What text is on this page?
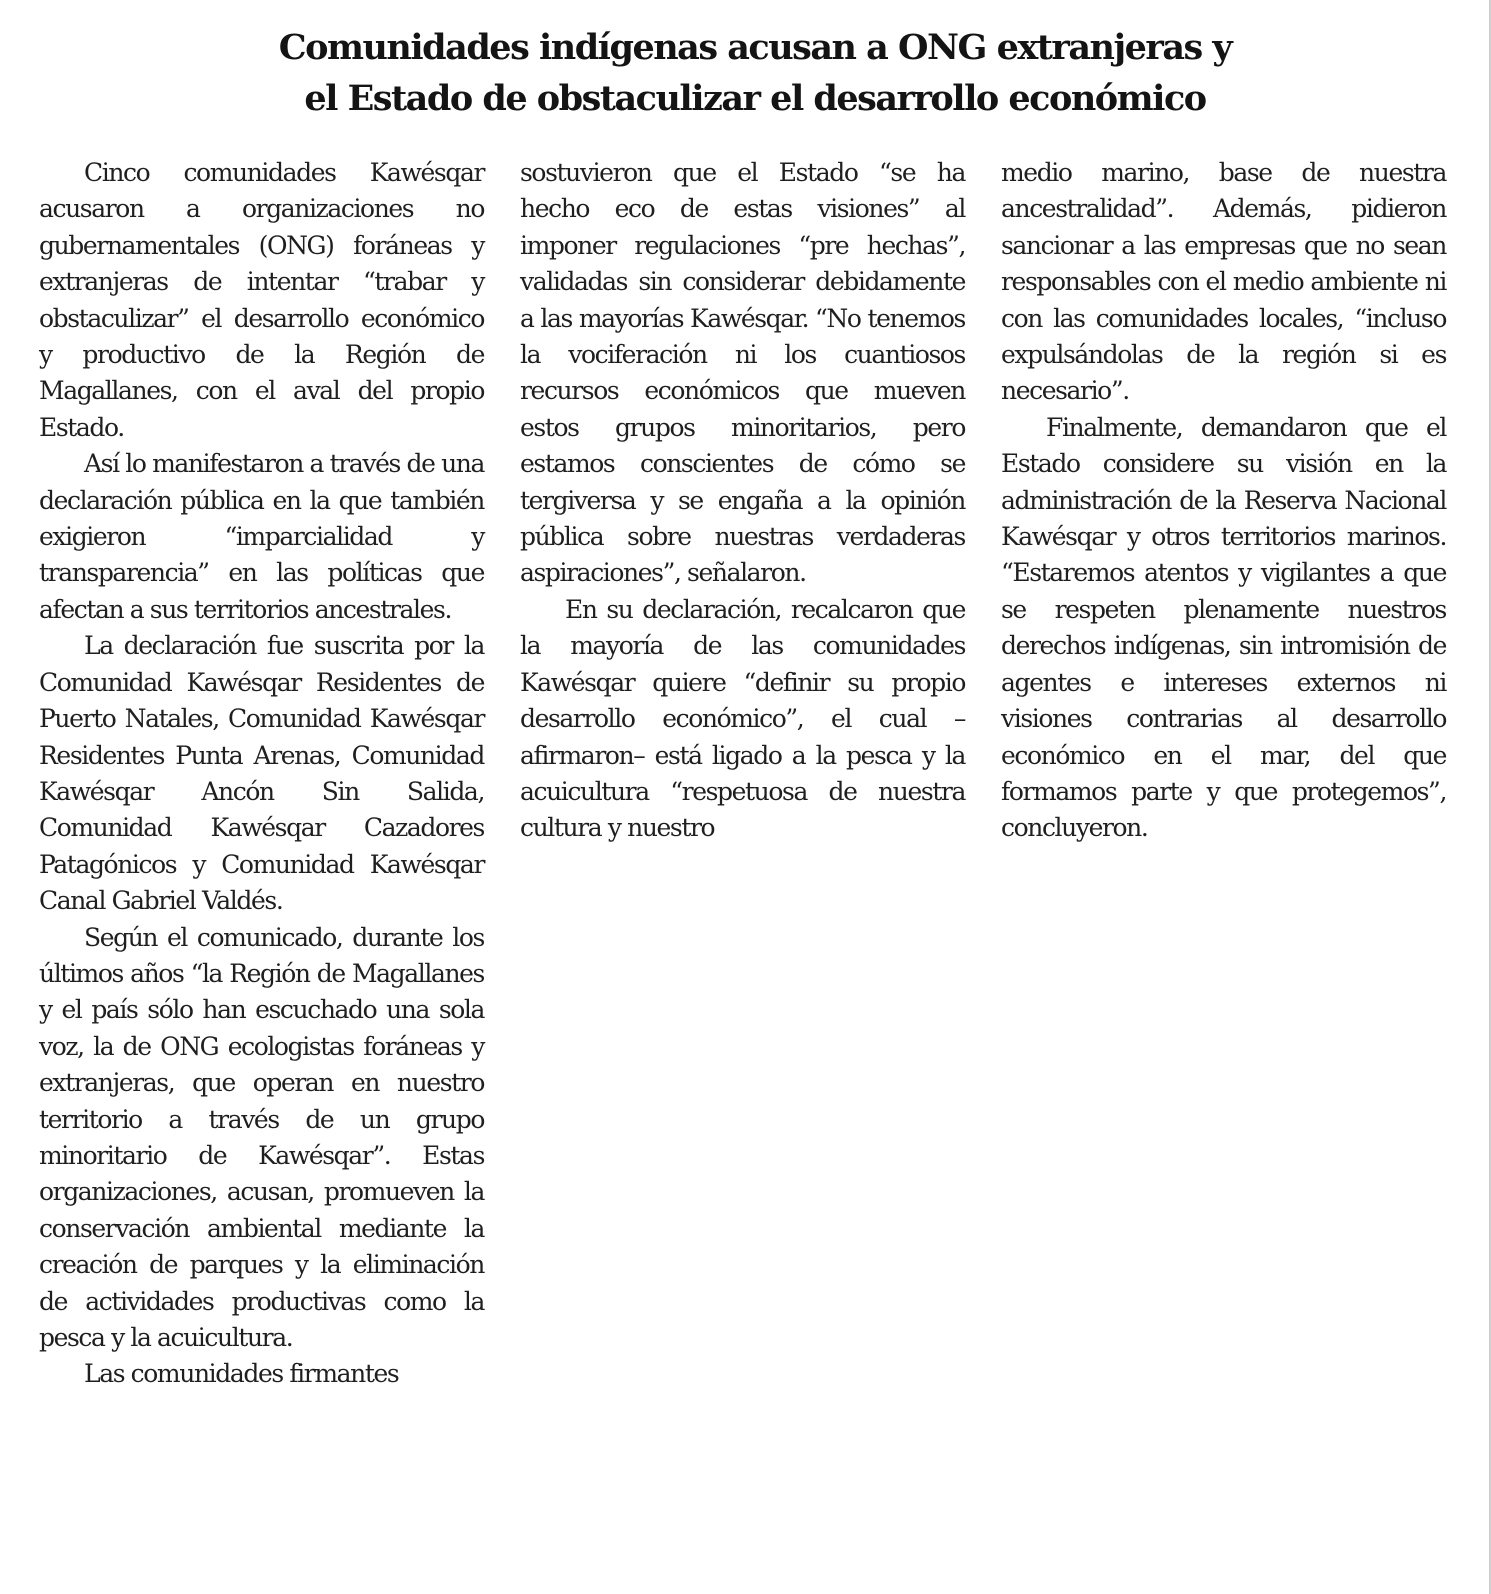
Comunidades indígenas acusan a ONG extranjeras y
el Estado de obstaculizar el desarrollo económico

Cinco comunidades Kawésqar acusaron a organizaciones no gubernamentales (ONG) foráneas y extranjeras de intentar “trabar y obstaculizar” el desarrollo económico y productivo de la Región de Magallanes, con el aval del propio Estado.

Así lo manifestaron a través de una declaración pública en la que también exigieron “imparcialidad y transparencia” en las políticas que afectan a sus territorios ancestrales.

La declaración fue suscrita por la Comunidad Kawésqar Residentes de Puerto Natales, Comunidad Kawésqar Residentes Punta Arenas, Comunidad Kawésqar Ancón Sin Salida, Comunidad Kawésqar Cazadores Patagónicos y Comunidad Kawésqar Canal Gabriel Valdés.

Según el comunicado, durante los últimos años “la Región de Magallanes y el país sólo han escuchado una sola voz, la de ONG ecologistas foráneas y extranjeras, que operan en nuestro territorio a través de un grupo minoritario de Kawésqar”. Estas organizaciones, acusan, promueven la conservación ambiental mediante la creación de parques y la eliminación de actividades productivas como la pesca y la acuicultura.

Las comunidades firmantes

sostuvieron que el Estado “se ha hecho eco de estas visiones” al imponer regulaciones “pre hechas”, validadas sin considerar debidamente a las mayorías Kawésqar. “No tenemos la vociferación ni los cuantiosos recursos económicos que mueven estos grupos minoritarios, pero estamos conscientes de cómo se tergiversa y se engaña a la opinión pública sobre nuestras verdaderas aspiraciones”, señalaron.

En su declaración, recalcaron que la mayoría de las comunidades Kawésqar quiere “definir su propio desarrollo económico”, el cual –afirmaron– está ligado a la pesca y la acuicultura “respetuosa de nuestra cultura y nuestro

medio marino, base de nuestra ancestralidad”. Además, pidieron sancionar a las empresas que no sean responsables con el medio ambiente ni con las comunidades locales, “incluso expulsándolas de la región si es necesario”.

Finalmente, demandaron que el Estado considere su visión en la administración de la Reserva Nacional Kawésqar y otros territorios marinos. “Estaremos atentos y vigilantes a que se respeten plenamente nuestros derechos indígenas, sin intromisión de agentes e intereses externos ni visiones contrarias al desarrollo económico en el mar, del que formamos parte y que protegemos”, concluyeron.
